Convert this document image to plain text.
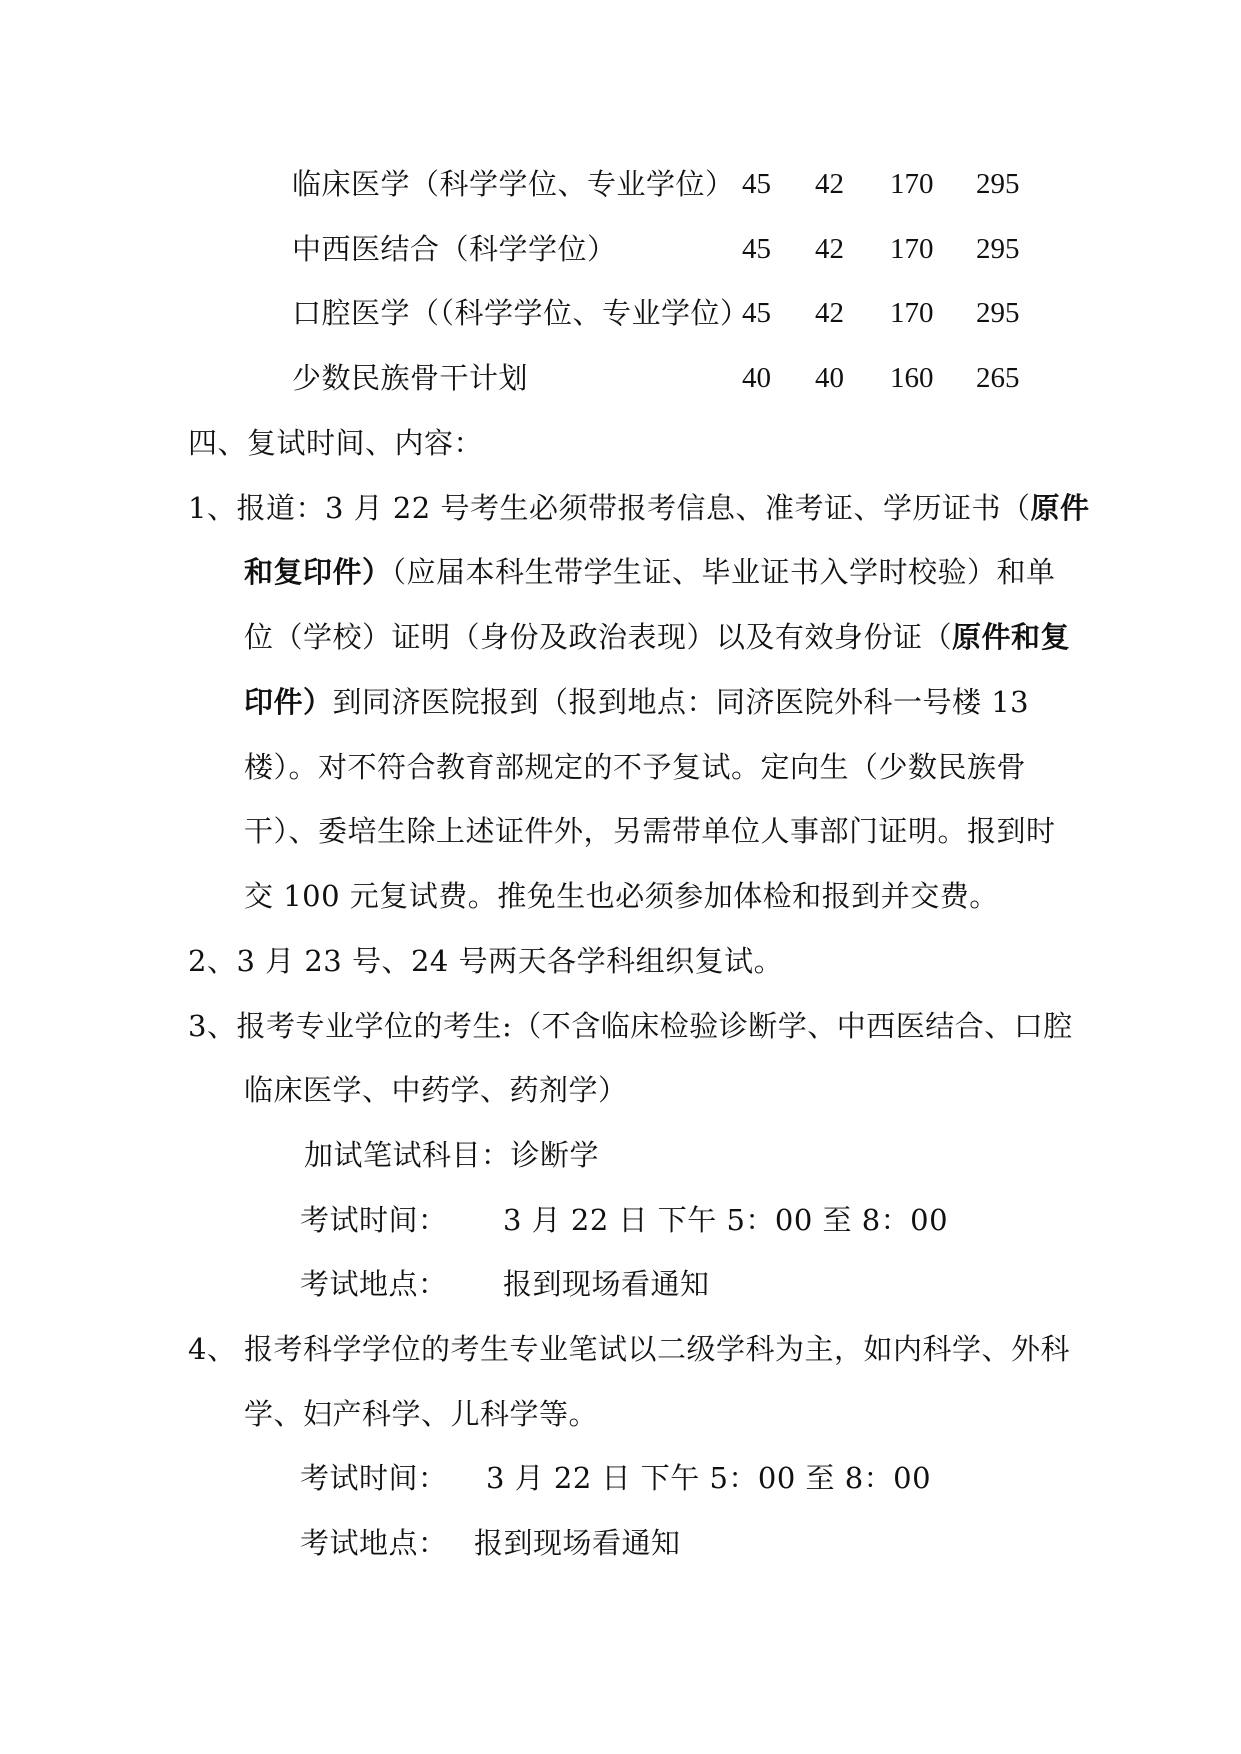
临床医学（科学学位、专业学位） 45 42 170 295
中西医结合（科学学位）	45 42 170 295
口腔医学（（科学学位、专业学位）
45 42 170 295
少数民族骨干计划	40 40 160 265
四、复试时间、内容：
1、报道：3 月 22 号考生必须带报考信息、准考证、学历证书（原件
和复印件）（应届本科生带学生证、毕业证书入学时校验）和单
位（学校）证明（身份及政治表现）以及有效身份证（原件和复
印件）到同济医院报到（报到地点：同济医院外科一号楼 13
楼）。对不符合教育部规定的不予复试。定向生（少数民族骨
干）、委培生除上述证件外，另需带单位人事部门证明。报到时
交 100 元复试费。推免生也必须参加体检和报到并交费。
2、3 月 23 号、24 号两天各学科组织复试。
3、报考专业学位的考生:（不含临床检验诊断学、中西医结合、口腔
临床医学、中药学、药剂学）
加试笔试科目：诊断学
考试时间： 3 月 22 日 下午 5：00 至 8：00
考试地点： 报到现场看通知
4、 报考科学学位的考生专业笔试以二级学科为主，如内科学、外科
学、妇产科学、儿科学等。
考试时间： 3 月 22 日 下午 5：00 至 8：00
考试地点： 报到现场看通知
